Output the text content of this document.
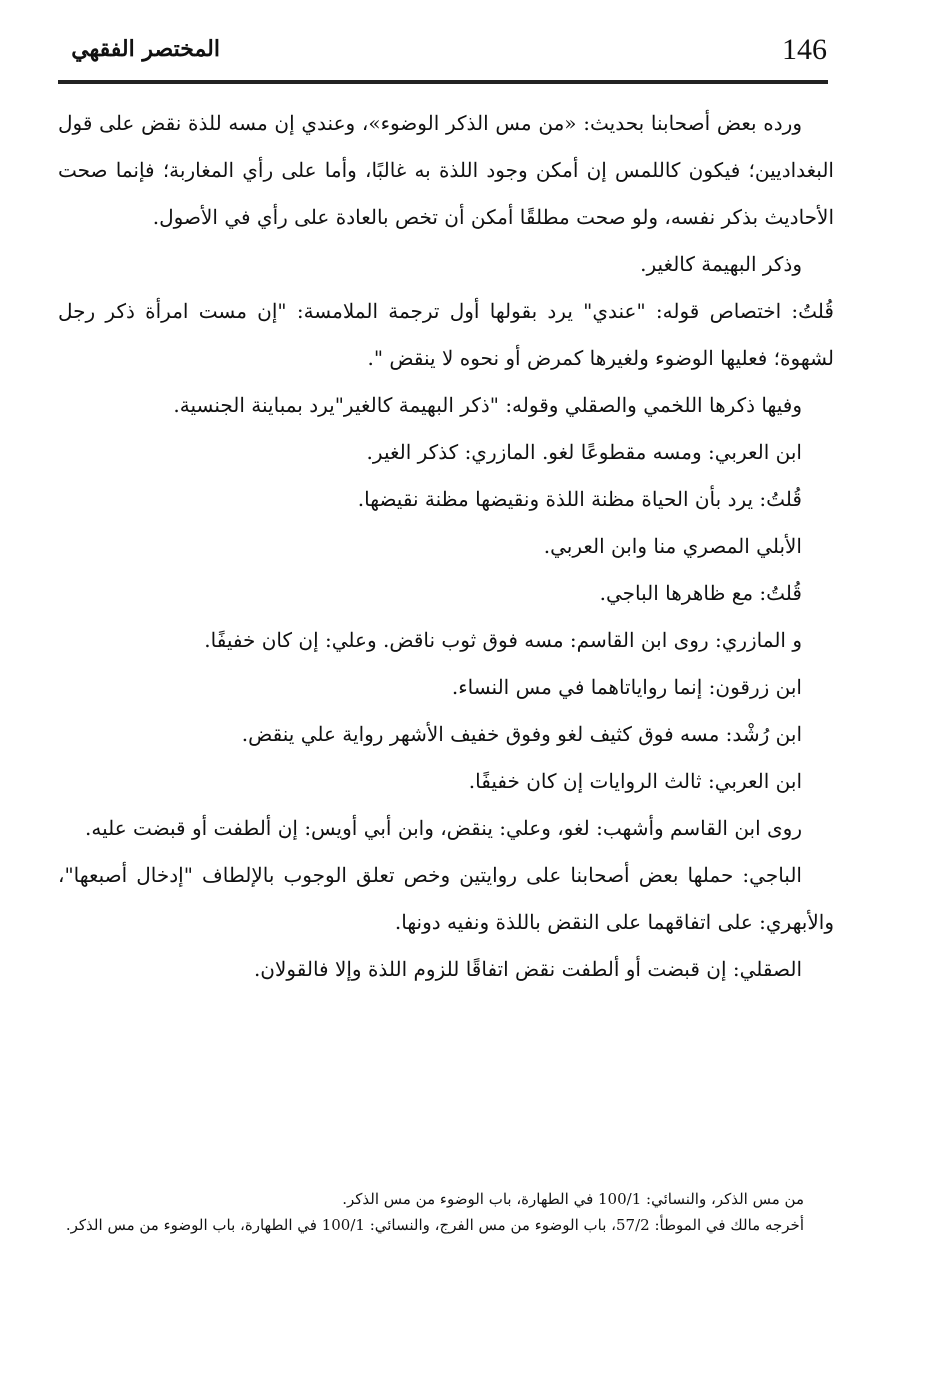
146
المختصر الفقهي

ورده بعض أصحابنا بحديث: «من مس الذكر الوضوء»، وعندي إن مسه للذة نقض على قول البغداديين؛ فيكون كاللمس إن أمكن وجود اللذة به غالبًا، وأما على رأي المغاربة؛ فإنما صحت الأحاديث بذكر نفسه، ولو صحت مطلقًا أمكن أن تخص بالعادة على رأي في الأصول.

وذكر البهيمة كالغير.

قُلتُ: اختصاص قوله: "عندي" يرد بقولها أول ترجمة الملامسة: "إن مست امرأة ذكر رجل لشهوة؛ فعليها الوضوء ولغيرها كمرض أو نحوه لا ينقض ".

وفيها ذكرها اللخمي والصقلي وقوله: "ذكر البهيمة كالغير"يرد بمباينة الجنسية.

ابن العربي: ومسه مقطوعًا لغو. المازري: كذكر الغير.

قُلتُ: يرد بأن الحياة مظنة اللذة ونقيضها مظنة نقيضها.

الأبلي المصري منا وابن العربي.

قُلتُ: مع ظاهرها الباجي.

و المازري: روى ابن القاسم: مسه فوق ثوب ناقض. وعلي: إن كان خفيفًا.

ابن زرقون: إنما رواياتاهما في مس النساء.

ابن رُشْد: مسه فوق كثيف لغو وفوق خفيف الأشهر رواية علي ينقض.

ابن العربي: ثالث الروايات إن كان خفيفًا.

روى ابن القاسم وأشهب: لغو، وعلي: ينقض، وابن أبي أويس: إن ألطفت أو قبضت عليه.

الباجي: حملها بعض أصحابنا على روايتين وخص تعلق الوجوب بالإلطاف "إدخال أصبعها"، والأبهري: على اتفاقهما على النقض باللذة ونفيه دونها.

الصقلي: إن قبضت أو ألطفت نقض اتفاقًا للزوم اللذة وإلا فالقولان.

من مس الذكر، والنسائي: 100/1 في الطهارة، باب الوضوء من مس الذكر.

أخرجه مالك في الموطأ: 57/2، باب الوضوء من مس الفرج، والنسائي: 100/1 في الطهارة، باب الوضوء من مس الذكر.
